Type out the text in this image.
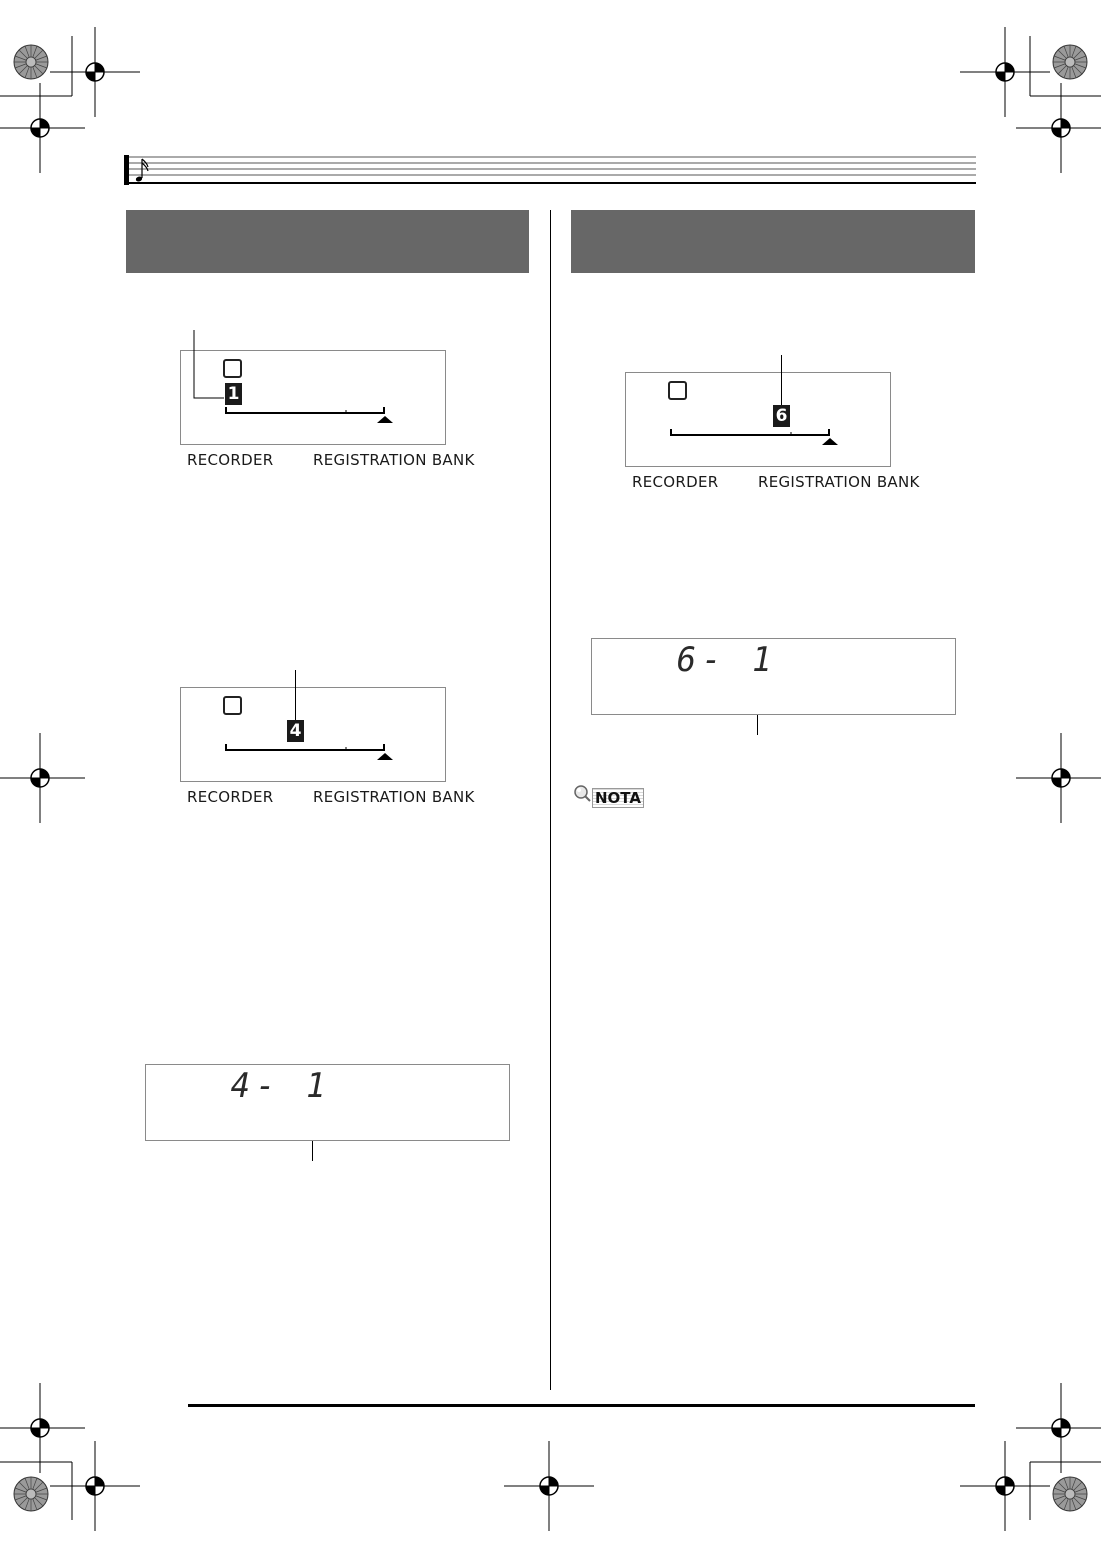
1
RECORDER	REGISTRATION BANK
4
RECORDER	REGISTRATION BANK
4- 1
6
RECORDER	REGISTRATION BANK
6- 1
NOTA
